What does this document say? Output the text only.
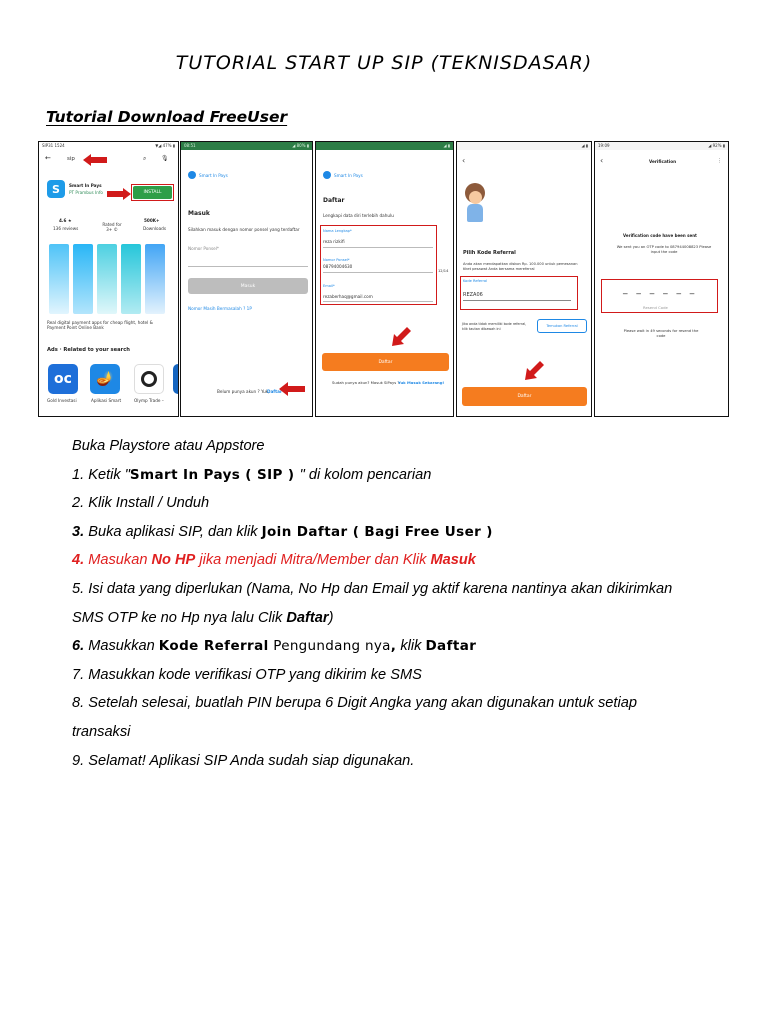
TUTORIAL START UP SIP (TEKNISDASAR)
Tutorial Download FreeUser
SIP31 1524	▼◢ 47% ▮
←	sip	⌕ 🎙
S	Smart In Pays
PT Prambus Info	INSTALL
4.6 ★
136 reviews
Rated for 3+ ©
500K+
Downloads
Real digital payment apps for cheap flight, hotel & Payment Point Online Bank
Ads · Related to your search
oc	🪔
Gold Investasi	Aplikasi Smart	Olymp Trade –
08:51	◢ 80% ▮
Smart In Pays
Masuk
Silahkan masuk dengan nomor ponsel yang terdaftar
Nomor Ponsel*
Masuk
Nomor Masih Bermasalah ? 1P
Belum punya akun ? Yuk,
Daftar

◢ ▮
Smart In Pays
Daftar
Lengkapi data diri terlebih dahulu
Nama Lengkap*
reza rizkifi
Nomor Ponsel*
08794004630
12/14
Email*
rezaberhaq@gmail.com
Daftar
Sudah punya akun? Masuk SIPays ?
Yuk Masuk Sekarang!

◢ ▮
‹
Pilih Kode Referral
Anda akan mendapatkan diskon Rp. 100.000 untuk pemesanan tiket pesawat Anda bersama mereferral
Kode Referral
REZA06
Jika anda tidak memiliki kode referral, klik tautan dibawah ini
Temukan Referral
Daftar
19:09	◢ 92% ▮
‹	Verification	⋮
Verification code have been sent
We sent you an OTP code to 087944008823 Please input the code
_ _ _ _ _ _
Resend Code
Please wait in 49 seconds for resend the code
Buka Playstore atau Appstore
1. Ketik "Smart In Pays ( SIP ) " di kolom pencarian
2. Klik Install / Unduh
3. Buka aplikasi SIP, dan klik Join Daftar ( Bagi Free User )
4. Masukan No HP jika menjadi Mitra/Member dan Klik Masuk
5. Isi data yang diperlukan (Nama, No Hp dan Email yg aktif karena nantinya akan dikirimkan
SMS OTP ke no Hp nya lalu Clik Daftar)
6. Masukkan Kode Referral Pengundang nya, klik Daftar
7. Masukkan kode verifikasi OTP yang dikirim ke SMS
8. Setelah selesai, buatlah PIN berupa 6 Digit Angka yang akan digunakan untuk setiap
transaksi
9. Selamat! Aplikasi SIP Anda sudah siap digunakan.
